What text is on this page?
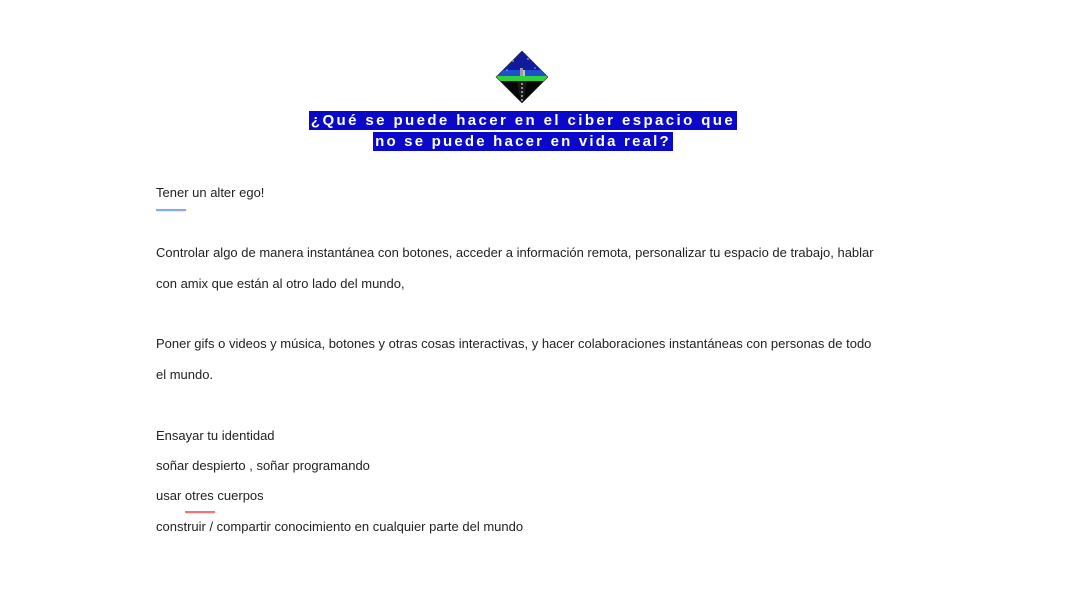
¿Qué se puede hacer en el ciber espacio que
no se puede hacer en vida real?
Tener un alter ego!
Controlar algo de manera instantánea con botones, acceder a información remota, personalizar tu espacio de trabajo, hablar
con amix que están al otro lado del mundo,
Poner gifs o videos y música, botones y otras cosas interactivas, y hacer colaboraciones instantáneas con personas de todo
el mundo.
Ensayar tu identidad
soñar despierto , soñar programando
usar otres cuerpos
construir / compartir conocimiento en cualquier parte del mundo
